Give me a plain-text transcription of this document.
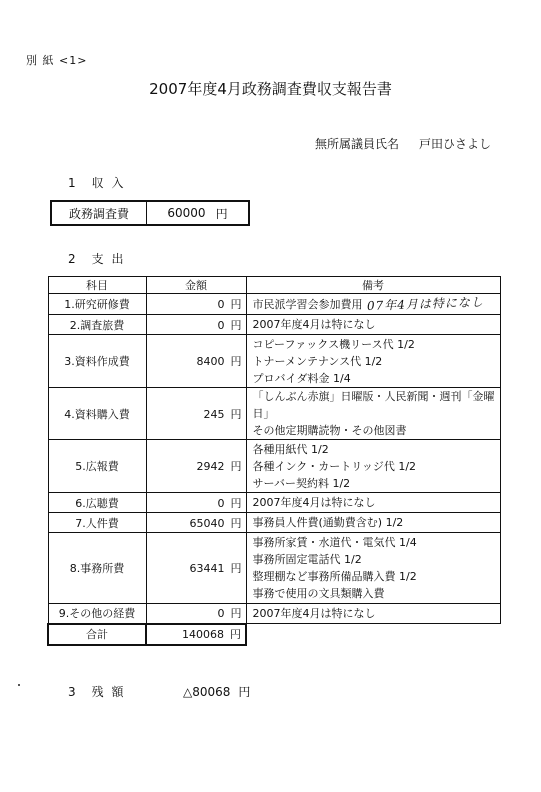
別 紙 <1>
2007年度4月政務調査費収支報告書
無所属議員氏名 戸田ひさよし
1　収 入
政務調査費	60000 円
2　支 出
科目	金額	備考
1.研究研修費	0 円	市民派学習会参加費用 07年4月は特になし

2.調査旅費	0 円	2007年度4月は特になし

3.資料作成費	8400 円	コピーファックス機リース代 1/2
トナーメンテナンス代 1/2
プロバイダ料金 1/4

4.資料購入費	245 円	「しんぶん赤旗」日曜版・人民新聞・週刊「金曜日」
その他定期購読物・その他図書

5.広報費	2942 円	各種用紙代 1/2
各種インク・カートリッジ代 1/2
サーバー契約料 1/2

6.広聴費	0 円	2007年度4月は特になし

7.人件費	65040 円	事務員人件費(通勤費含む) 1/2

8.事務所費	63441 円	事務所家賃・水道代・電気代 1/4
事務所固定電話代 1/2
整理棚など事務所備品購入費 1/2
事務で使用の文具類購入費

9.その他の経費	0 円	2007年度4月は特になし

合計	140068 円	
3　残 額	△80068 円
